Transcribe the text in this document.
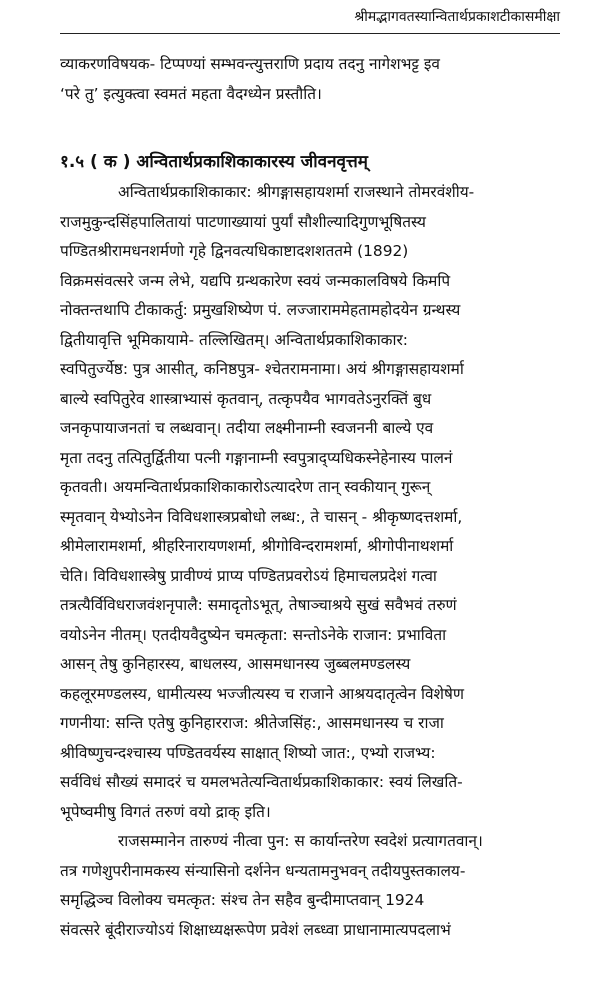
श्रीमद्भागवतस्यान्वितार्थप्रकाशटीकासमीक्षा
व्याकरणविषयक- टिप्पण्यां सम्भवन्त्युत्तराणि प्रदाय तदनु नागेशभट्ट इव
‘परे तु’ इत्युक्त्वा स्वमतं महता वैदग्ध्येन प्रस्तौति।
१.५ ( क ) अन्वितार्थप्रकाशिकाकारस्य जीवनवृत्तम्
अन्वितार्थप्रकाशिकाकार: श्रीगङ्गासहायशर्मा राजस्थाने तोमरवंशीय-
राजमुकुन्दसिंहपालितायां पाटणाख्यायां पुर्यां सौशील्यादिगुणभूषितस्य
पण्डितश्रीरामधनशर्मणो गृहे द्विनवत्यधिकाष्टादशशततमे (1892)
विक्रमसंवत्सरे जन्म लेभे, यद्यपि ग्रन्थकारेण स्वयं जन्मकालविषये किमपि
नोक्तन्तथापि टीकाकर्तु: प्रमुखशिष्येण पं. लज्जाराममेहतामहोदयेन ग्रन्थस्य
द्वितीयावृत्ति भूमिकायामे- तल्लिखितम्। अन्वितार्थप्रकाशिकाकार:
स्वपितुर्ज्येष्ठ: पुत्र आसीत्, कनिष्ठपुत्र- श्चेतरामनामा। अयं श्रीगङ्गासहायशर्मा
बाल्ये स्वपितुरेव शास्त्राभ्यासं कृतवान्, तत्कृपयैव भागवतेऽनुरक्तिं बुध
जनकृपायाजनतां च लब्धवान्। तदीया लक्ष्मीनाम्नी स्वजननी बाल्ये एव
मृता तदनु तत्पितुर्द्वितीया पत्नी गङ्गानाम्नी स्वपुत्राद्प्यधिकस्नेहेनास्य पालनं
कृतवती। अयमन्वितार्थप्रकाशिकाकारोऽत्यादरेण तान् स्वकीयान् गुरून्
स्मृतवान् येभ्योऽनेन विविधशास्त्रप्रबोधो लब्ध:, ते चासन् - श्रीकृष्णदत्तशर्मा,
श्रीमेलारामशर्मा, श्रीहरिनारायणशर्मा, श्रीगोविन्दरामशर्मा, श्रीगोपीनाथशर्मा
चेति। विविधशास्त्रेषु प्रावीण्यं प्राप्य पण्डितप्रवरोऽयं हिमाचलप्रदेशं गत्वा
तत्रत्यैर्विविधराजवंशनृपालै: समादृतोऽभूत्, तेषाञ्चाश्रये सुखं सवैभवं तरुणं
वयोऽनेन नीतम्। एतदीयवैदुष्येन चमत्कृता: सन्तोऽनेके राजान: प्रभाविता
आसन् तेषु कुनिहारस्य, बाधलस्य, आसमधानस्य जुब्बलमण्डलस्य
कहलूरमण्डलस्य, धामीत्यस्य भज्जीत्यस्य च राजाने आश्रयदातृत्वेन विशेषेण
गणनीया: सन्ति एतेषु कुनिहारराज: श्रीतेजसिंह:, आसमधानस्य च राजा
श्रीविष्णुचन्दश्चास्य पण्डितवर्यस्य साक्षात् शिष्यो जात:, एभ्यो राजभ्य:
सर्वविधं सौख्यं समादरं च यमलभतेत्यन्वितार्थप्रकाशिकाकार: स्वयं लिखति-
भूपेष्वमीषु विगतं तरुणं वयो द्राक् इति।
राजसम्मानेन तारुण्यं नीत्वा पुन: स कार्यान्तरेण स्वदेशं प्रत्यागतवान्।
तत्र गणेशुपरीनामकस्य संन्यासिनो दर्शनेन धन्यतामनुभवन् तदीयपुस्तकालय-
समृद्धिञ्च विलोक्य चमत्कृत: संश्च तेन सहैव बुन्दीमाप्तवान् 1924
संवत्सरे बूंदीराज्योऽयं शिक्षाध्यक्षरूपेण प्रवेशं लब्ध्वा प्राधानामात्यपदलाभं
